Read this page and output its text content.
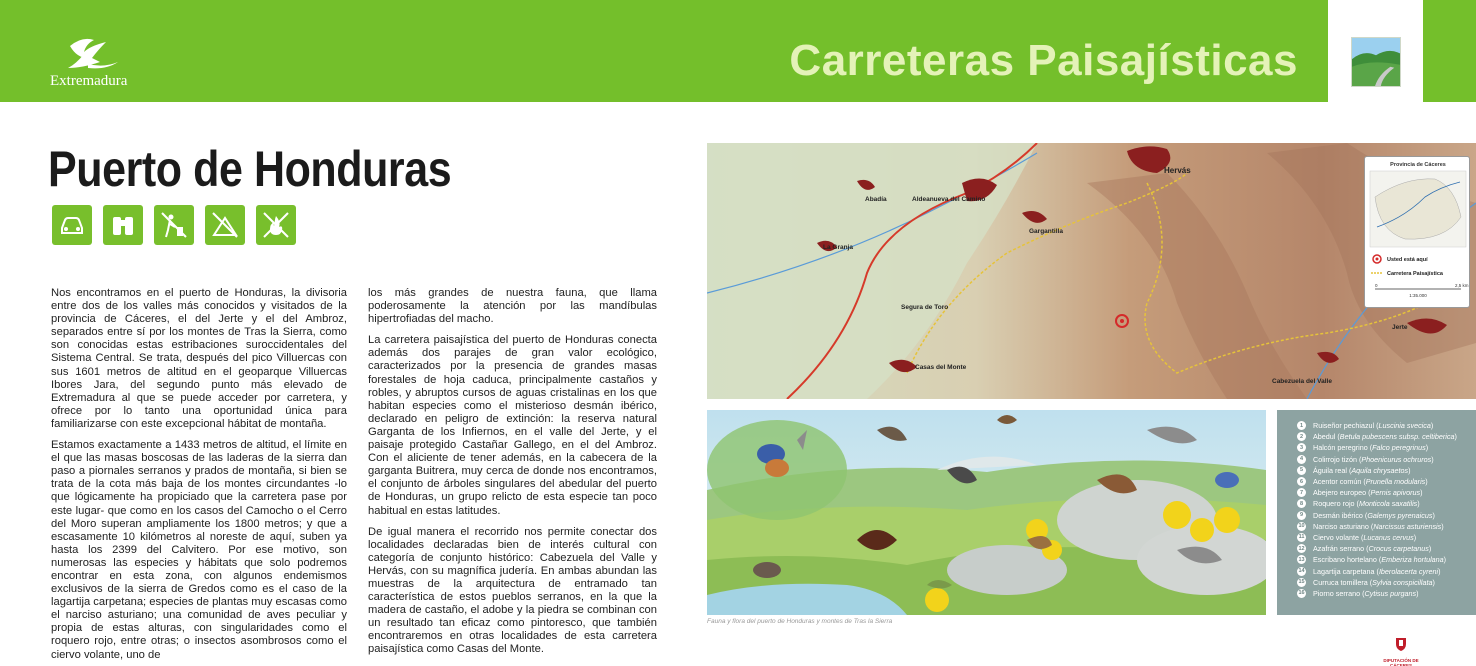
Extremadura	Carreteras Paisajísticas
Puerto de Honduras

Nos encontramos en el puerto de Honduras, la divisoria entre dos de los valles más conocidos y visitados de la provincia de Cáceres, el del Jerte y el del Ambroz, separados entre sí por los montes de Tras la Sierra, como son conocidas estas estribaciones suroccidentales del Sistema Central. Se trata, después del pico Villuercas con sus 1601 metros de altitud en el geoparque Villuercas Ibores Jara, del segundo punto más elevado de Extremadura al que se puede acceder por carretera, y ofrece por lo tanto una oportunidad única para familiarizarse con este excepcional hábitat de montaña.

Estamos exactamente a 1433 metros de altitud, el límite en el que las masas boscosas de las laderas de la sierra dan paso a piornales serranos y prados de montaña, si bien se trata de la cota más baja de los montes circundantes -lo que lógicamente ha propiciado que la carretera pase por este lugar- que como en los casos del Camocho o el Cerro del Moro superan ampliamente los 1800 metros; y que a escasamente 10 kilómetros al noreste de aquí, suben ya hasta los 2399 del Calvitero. Por ese motivo, son numerosas las especies y hábitats que solo podremos encontrar en esta zona, con algunos endemismos exclusivos de la sierra de Gredos como es el caso de la lagartija carpetana; especies de plantas muy escasas como el narciso asturiano; una comunidad de aves peculiar y propia de estas alturas, con singularidades como el roquero rojo, entre otras; o insectos asombrosos como el ciervo volante, uno de

los más grandes de nuestra fauna, que llama poderosamente la atención por las mandíbulas hipertrofiadas del macho.

La carretera paisajística del puerto de Honduras conecta además dos parajes de gran valor ecológico, caracterizados por la presencia de grandes masas forestales de hoja caduca, principalmente castaños y robles, y abruptos cursos de aguas cristalinas en los que habitan especies como el misterioso desmán ibérico, declarado en peligro de extinción: la reserva natural Garganta de los Infiernos, en el valle del Jerte, y el paisaje protegido Castañar Gallego, en el del Ambroz. Con el aliciente de tener además, en la cabecera de la garganta Buitrera, muy cerca de donde nos encontramos, el conjunto de árboles singulares del abedular del puerto de Honduras, un grupo relicto de esta especie tan poco habitual en estas latitudes.

De igual manera el recorrido nos permite conectar dos localidades declaradas bien de interés cultural con categoría de conjunto histórico: Cabezuela del Valle y Hervás, con su magnífica judería. En ambas abundan las muestras de la arquitectura de entramado tan característica de estos pueblos serranos, en la que la madera de castaño, el adobe y la piedra se combinan con un resultado tan eficaz como pintoresco, que también encontraremos en otras localidades de esta carretera paisajística como Casas del Monte.

Hervás
Abadía	Aldeanueva del Camino
La Granja
Gargantilla
Segura de Toro
Casas del Monte
Jerte
Cabezuela del Valle
Provincia de Cáceres
Usted está aquí
Carretera Paisajística
0	2,5 km
1:35.000
1	Ruiseñor pechiazul ( Luscinia svecica )
2	Abedul ( Betula pubescens subsp. celtiberica )
3	Halcón peregrino ( Falco peregrinus )
4	Colirrojo tizón ( Phoenicurus ochruros )
5	Águila real ( Aquila chrysaetos )
6	Acentor común ( Prunella modularis )
7	Abejero europeo ( Pernis apivorus )
8	Roquero rojo ( Monticola saxatilis )
9	Desmán ibérico ( Galemys pyrenaicus )
10 Narciso asturiano ( Narcissus asturiensis )
11 Ciervo volante ( Lucanus cervus )
12 Azafrán serrano ( Crocus carpetanus )
13 Escribano hortelano ( Emberiza hortulana )
14 Lagartija carpetana ( Iberolacerta cyreni )
15 Curruca tomillera ( Sylvia conspicillata )
16 Piorno serrano ( Cytisus purgans )
Fauna y flora del puerto de Honduras y montes de Tras la Sierra
DIPUTACIÓN DE CÁCERES
